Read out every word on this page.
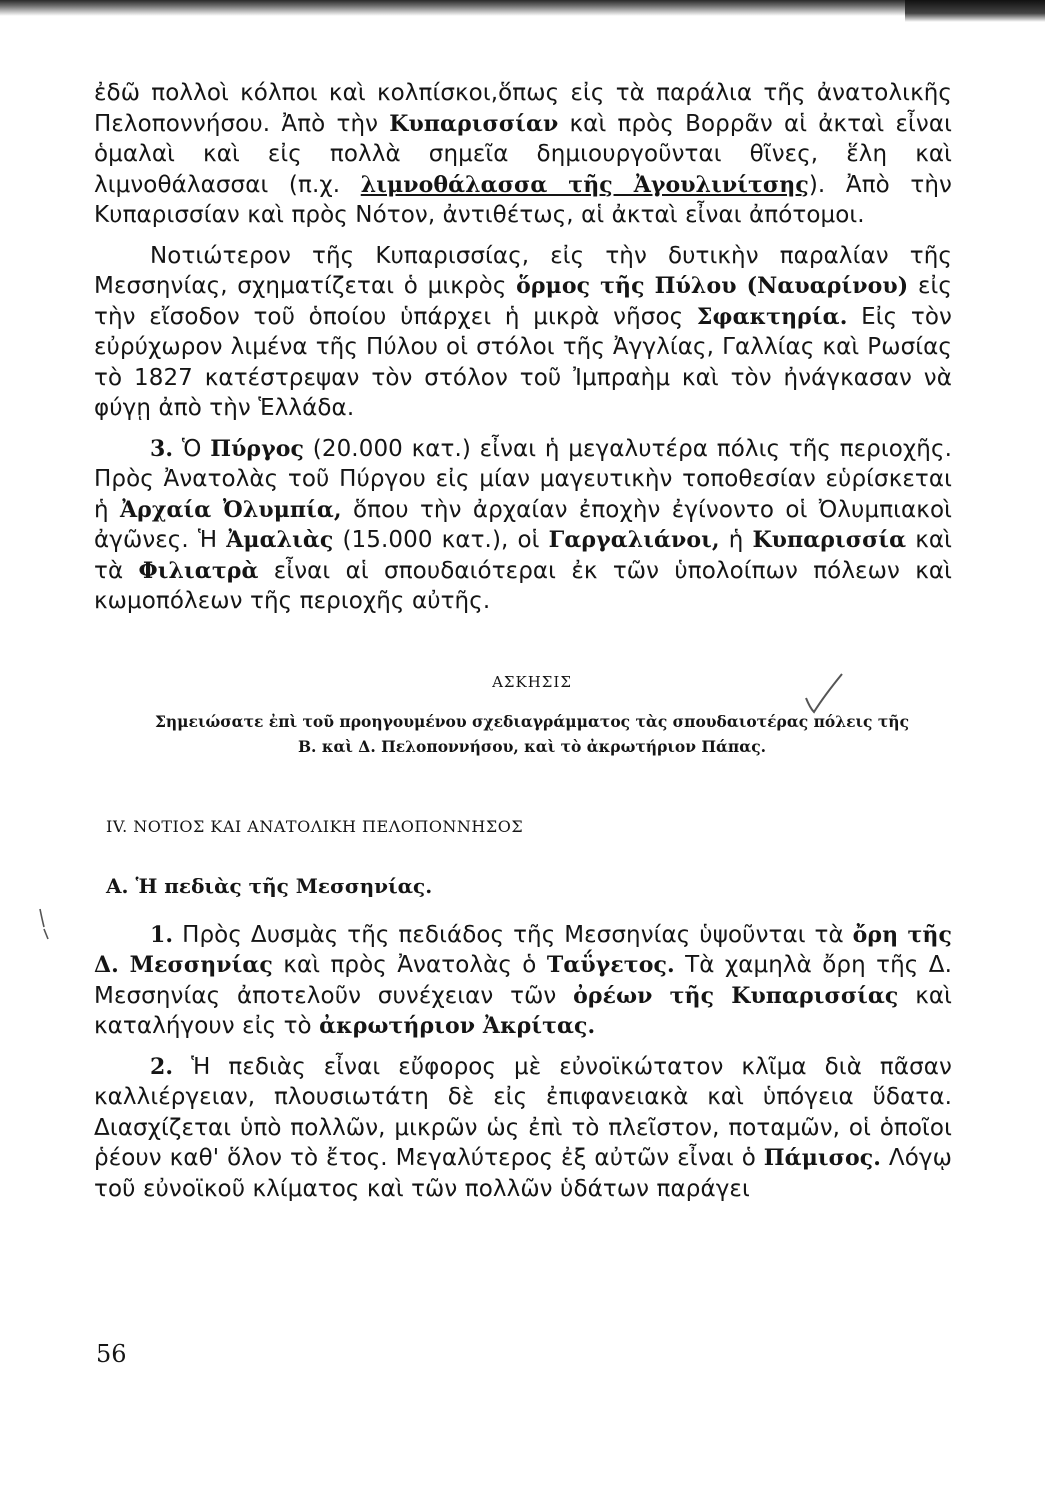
ἐδῶ πολλοὶ κόλποι καὶ κολπίσκοι,ὅπως εἰς τὰ παράλια τῆς ἀνατολικῆς Πελοποννήσου. Ἀπὸ τὴν Κυπαρισσίαν καὶ πρὸς Βορρᾶν αἱ ἀκταὶ εἶναι ὁμαλαὶ καὶ εἰς πολλὰ σημεῖα δημιουργοῦνται θῖνες, ἕλη καὶ λιμνοθάλασσαι (π.χ. λιμνοθάλασσα τῆς Ἀγουλινίτσης). Ἀπὸ τὴν Κυπαρισσίαν καὶ πρὸς Νότον, ἀντιθέτως, αἱ ἀκταὶ εἶναι ἀπότομοι.

Νοτιώτερον τῆς Κυπαρισσίας, εἰς τὴν δυτικὴν παραλίαν τῆς Μεσσηνίας, σχηματίζεται ὁ μικρὸς ὅρμος τῆς Πύλου (Ναυαρίνου) εἰς τὴν εἴσοδον τοῦ ὁποίου ὑπάρχει ἡ μικρὰ νῆσος Σφακτηρία. Εἰς τὸν εὐρύχωρον λιμένα τῆς Πύλου οἱ στόλοι τῆς Ἀγγλίας, Γαλλίας καὶ Ρωσίας τὸ 1827 κατέστρεψαν τὸν στόλον τοῦ Ἰμπραὴμ καὶ τὸν ἠνάγκασαν νὰ φύγῃ ἀπὸ τὴν Ἑλλάδα.

3. Ὁ Πύργος (20.000 κατ.) εἶναι ἡ μεγαλυτέρα πόλις τῆς περιοχῆς. Πρὸς Ἀνατολὰς τοῦ Πύργου εἰς μίαν μαγευτικὴν τοποθεσίαν εὑρίσκεται ἡ Ἀρχαία Ὀλυμπία, ὅπου τὴν ἀρχαίαν ἐποχὴν ἐγίνοντο οἱ Ὀλυμπιακοὶ ἀγῶνες. Ἡ Ἀμαλιὰς (15.000 κατ.), οἱ Γαργαλιάνοι, ἡ Κυπαρισσία καὶ τὰ Φιλιατρὰ εἶναι αἱ σπουδαιότεραι ἐκ τῶν ὑπολοίπων πόλεων καὶ κωμοπόλεων τῆς περιοχῆς αὐτῆς.

ΑΣΚΗΣΙΣ
Σημειώσατε ἐπὶ τοῦ προηγουμένου σχεδιαγράμματος τὰς σπουδαιοτέρας πόλεις τῆς Β. καὶ Δ. Πελοποννήσου, καὶ τὸ ἀκρωτήριον Πάπας.
IV. ΝΟΤΙΟΣ ΚΑΙ ΑΝΑΤΟΛΙΚΗ ΠΕΛΟΠΟΝΝΗΣΟΣ
Α. Ἡ πεδιὰς τῆς Μεσσηνίας.

1. Πρὸς Δυσμὰς τῆς πεδιάδος τῆς Μεσσηνίας ὑψοῦνται τὰ ὄρη τῆς Δ. Μεσσηνίας καὶ πρὸς Ἀνατολὰς ὁ Ταΰγετος. Τὰ χαμηλὰ ὄρη τῆς Δ. Μεσσηνίας ἀποτελοῦν συνέχειαν τῶν ὀρέων τῆς Κυπαρισσίας καὶ καταλήγουν εἰς τὸ ἀκρωτήριον Ἀκρίτας.

2. Ἡ πεδιὰς εἶναι εὔφορος μὲ εὐνοϊκώτατον κλῖμα διὰ πᾶσαν καλλιέργειαν, πλουσιωτάτη δὲ εἰς ἐπιφανειακὰ καὶ ὑπόγεια ὕδατα. Διασχίζεται ὑπὸ πολλῶν, μικρῶν ὡς ἐπὶ τὸ πλεῖστον, ποταμῶν, οἱ ὁποῖοι ῥέουν καθ' ὅλον τὸ ἔτος. Μεγαλύτερος ἐξ αὐτῶν εἶναι ὁ Πάμισος. Λόγῳ τοῦ εὐνοϊκοῦ κλίματος καὶ τῶν πολλῶν ὑδάτων παράγει

56
